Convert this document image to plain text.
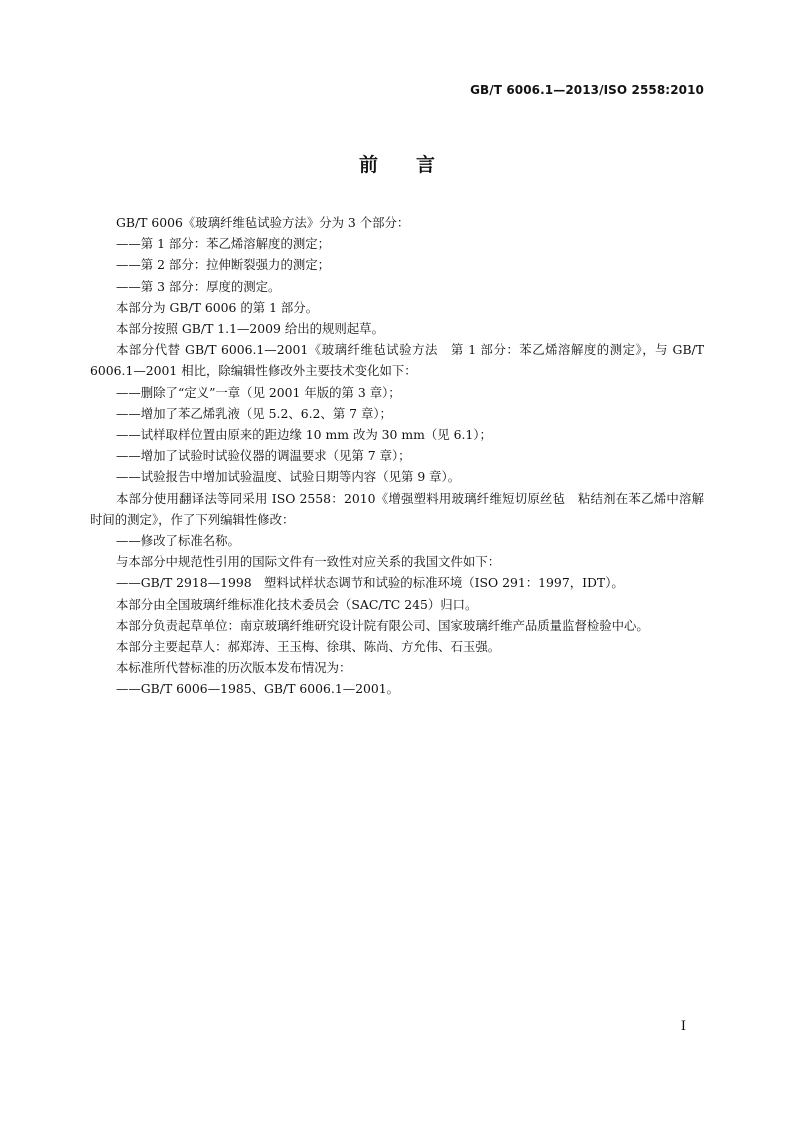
GB/T 6006.1—2013/ISO 2558:2010
前 言

GB/T 6006《玻璃纤维毡试验方法》分为 3 个部分：

——第 1 部分：苯乙烯溶解度的测定；

——第 2 部分：拉伸断裂强力的测定；

——第 3 部分：厚度的测定。

本部分为 GB/T 6006 的第 1 部分。

本部分按照 GB/T 1.1—2009 给出的规则起草。

本部分代替 GB/T 6006.1—2001《玻璃纤维毡试验方法　第 1 部分：苯乙烯溶解度的测定》，与 GB/T 6006.1—2001 相比，除编辑性修改外主要技术变化如下：

——删除了“定义”一章（见 2001 年版的第 3 章）；

——增加了苯乙烯乳液（见 5.2、6.2、第 7 章）；

——试样取样位置由原来的距边缘 10 mm 改为 30 mm（见 6.1）；

——增加了试验时试验仪器的调温要求（见第 7 章）；

——试验报告中增加试验温度、试验日期等内容（见第 9 章）。

本部分使用翻译法等同采用 ISO 2558：2010《增强塑料用玻璃纤维短切原丝毡　粘结剂在苯乙烯中溶解时间的测定》，作了下列编辑性修改：

——修改了标准名称。

与本部分中规范性引用的国际文件有一致性对应关系的我国文件如下：

——GB/T 2918—1998　塑料试样状态调节和试验的标准环境（ISO 291：1997，IDT）。

本部分由全国玻璃纤维标准化技术委员会（SAC/TC 245）归口。

本部分负责起草单位：南京玻璃纤维研究设计院有限公司、国家玻璃纤维产品质量监督检验中心。

本部分主要起草人：郝郑涛、王玉梅、徐琪、陈尚、方允伟、石玉强。

本标准所代替标准的历次版本发布情况为：

——GB/T 6006—1985、GB/T 6006.1—2001。

I
